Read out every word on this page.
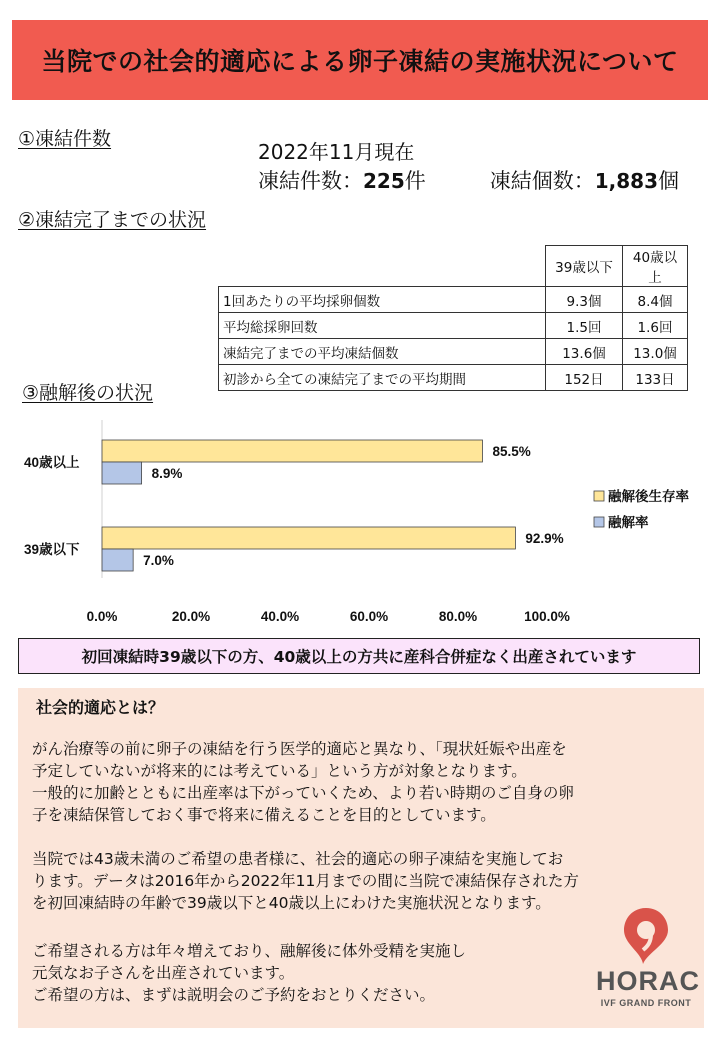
当院での社会的適応による卵子凍結の実施状況について
①凍結件数
2022年11月現在
凍結件数：225件	凍結個数：1,883個
②凍結完了までの状況
	39歳以下	40歳以上
1回あたりの平均採卵個数	9.3個	8.4個
平均総採卵回数	1.5回	1.6回
凍結完了までの平均凍結個数	13.6個	13.0個
初診から全ての凍結完了までの平均期間	152日	133日
③融解後の状況
40歳以上
85.5%
8.9%
39歳以下
92.9%
7.0%
0.0%	20.0%	40.0%	60.0%	80.0%	100.0%
融解後生存率
融解率
初回凍結時39歳以下の方、40歳以上の方共に産科合併症なく出産されています
社会的適応とは？
がん治療等の前に卵子の凍結を行う医学的適応と異なり、「現状妊娠や出産を
予定していないが将来的には考えている」という方が対象となります。
一般的に加齢とともに出産率は下がっていくため、より若い時期のご自身の卵
子を凍結保管しておく事で将来に備えることを目的としています。
当院では43歳未満のご希望の患者様に、社会的適応の卵子凍結を実施してお
ります。データは2016年から2022年11月までの間に当院で凍結保存された方
を初回凍結時の年齢で39歳以下と40歳以上にわけた実施状況となります。
ご希望される方は年々増えており、融解後に体外受精を実施し
元気なお子さんを出産されています。
ご希望の方は、まずは説明会のご予約をおとりください。	HORAC
IVF GRAND FRONT
